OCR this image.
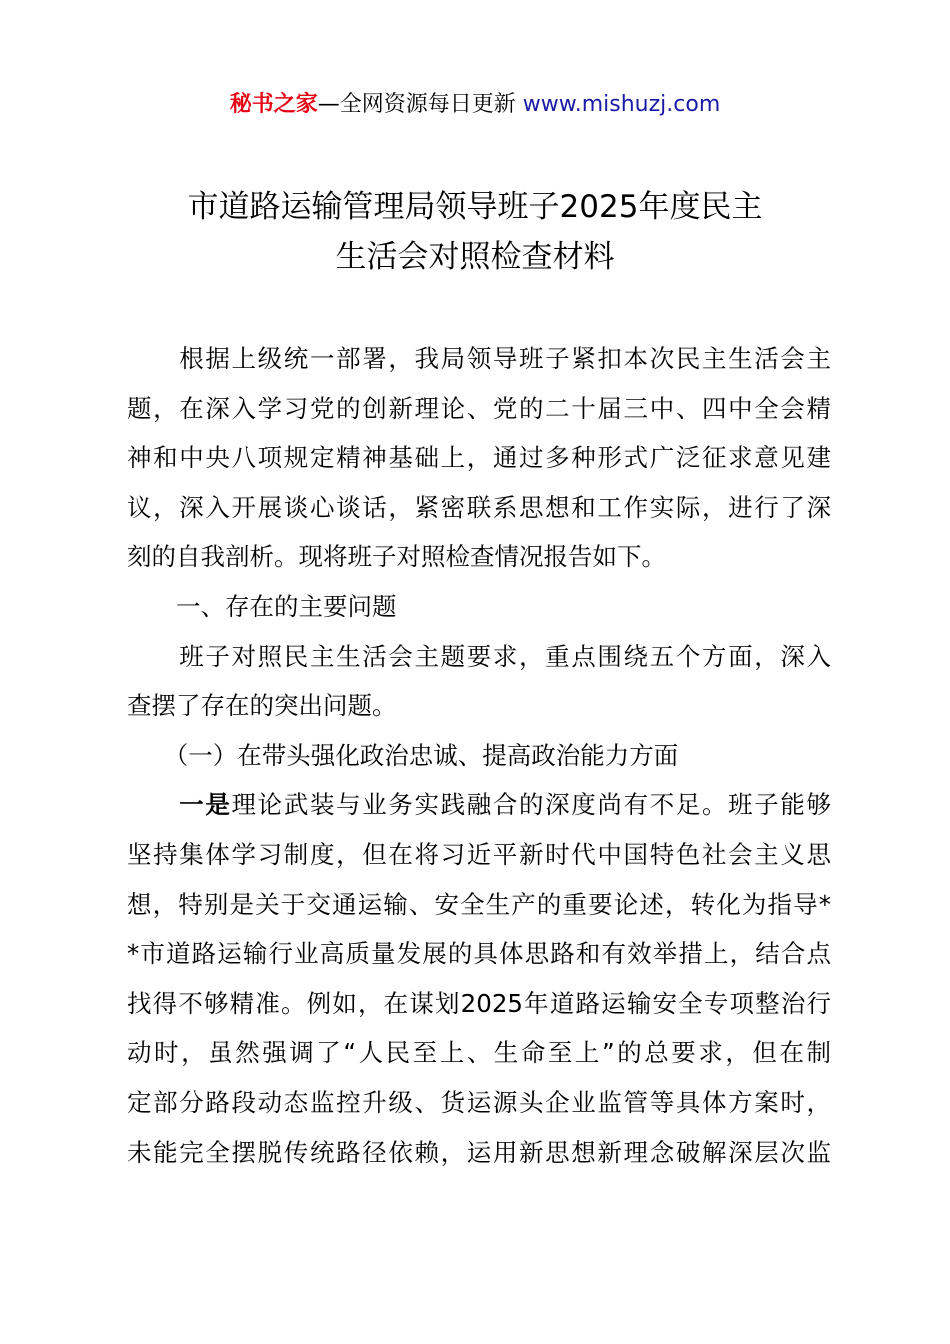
秘书之家—全网资源每日更新 www.mishuzj.com
市道路运输管理局领导班子2025年度民主
生活会对照检查材料
　　根据上级统一部署，我局领导班子紧扣本次民主生活会主
题，在深入学习党的创新理论、党的二十届三中、四中全会精
神和中央八项规定精神基础上，通过多种形式广泛征求意见建
议，深入开展谈心谈话，紧密联系思想和工作实际，进行了深
刻的自我剖析。现将班子对照检查情况报告如下。
　　一、存在的主要问题
　　班子对照民主生活会主题要求，重点围绕五个方面，深入
查摆了存在的突出问题。
　　（一）在带头强化政治忠诚、提高政治能力方面
　　一是理论武装与业务实践融合的深度尚有不足。班子能够
坚持集体学习制度，但在将习近平新时代中国特色社会主义思
想，特别是关于交通运输、安全生产的重要论述，转化为指导*
*市道路运输行业高质量发展的具体思路和有效举措上，结合点
找得不够精准。例如，在谋划2025年道路运输安全专项整治行
动时，虽然强调了“人民至上、生命至上”的总要求，但在制
定部分路段动态监控升级、货运源头企业监管等具体方案时，
未能完全摆脱传统路径依赖，运用新思想新理念破解深层次监
